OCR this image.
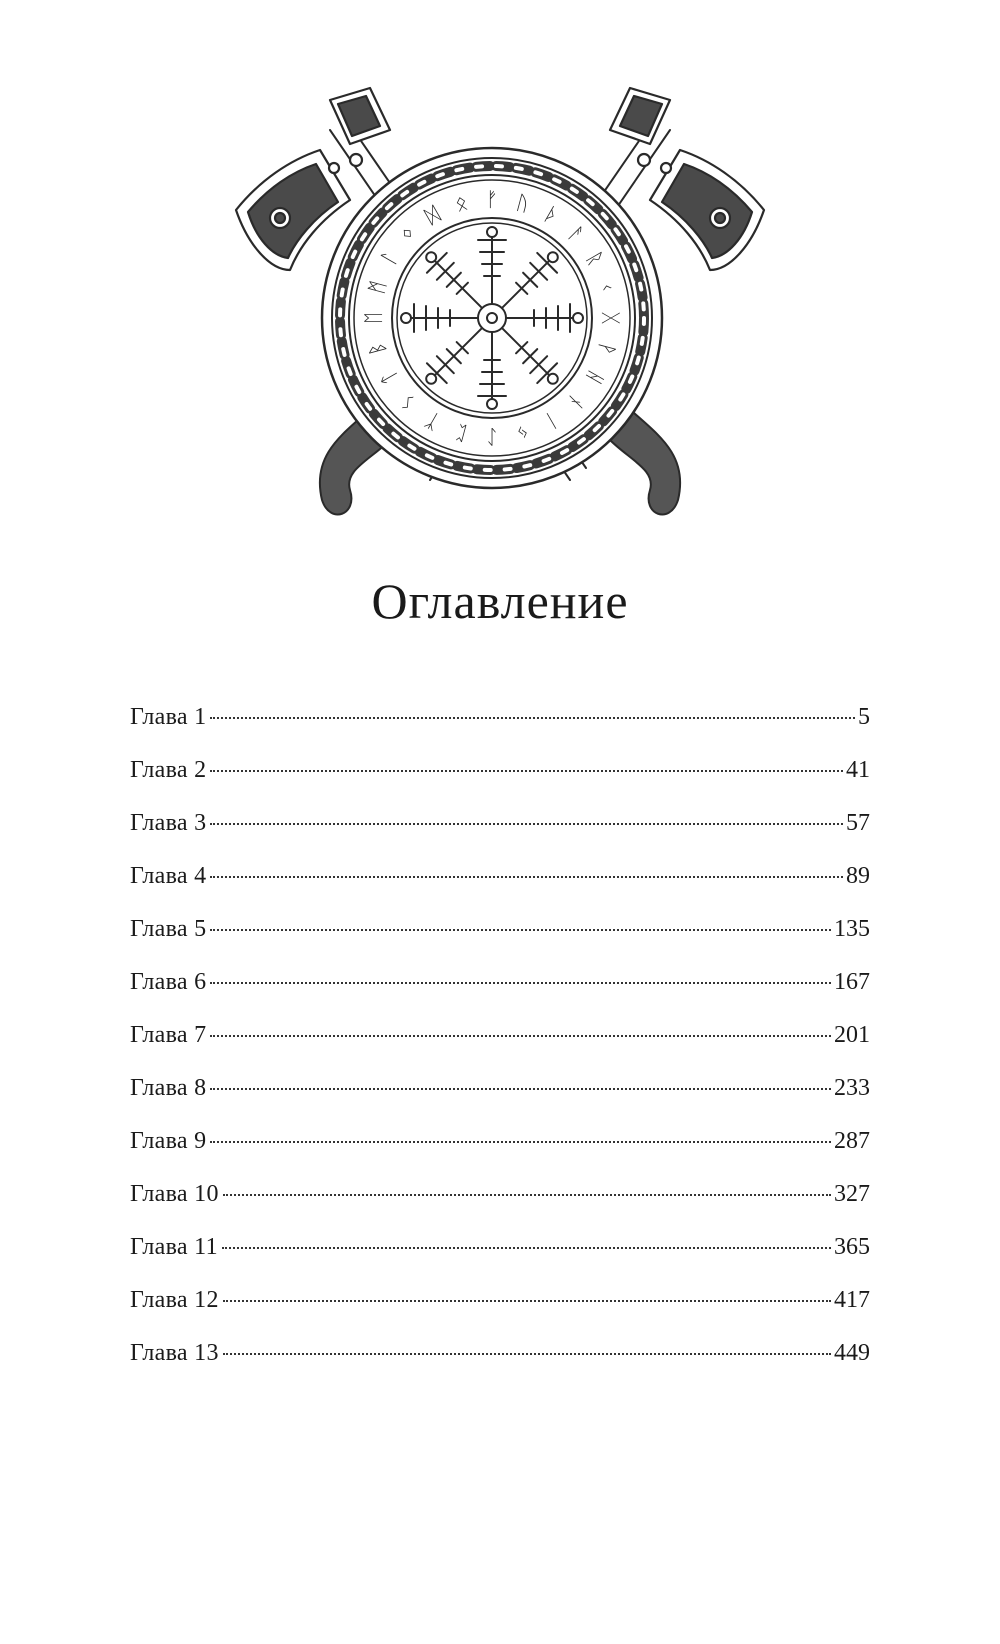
ᚠ ᚢ ᚦ
ᚨ
ᚱ
ᚲ
ᚷ
ᚹ
ᚺ
ᚾ
ᛁ
ᛃ
ᛇ
ᛈ
ᛉ
ᛊ
ᛏ
ᛒ
ᛖ
ᛗ
ᛚ
ᛜ
ᛞ ᛟ
Оглавление
Глава 1	5
Глава 2	41
Глава 3	57
Глава 4	89
Глава 5	135
Глава 6	167
Глава 7	201
Глава 8	233
Глава 9	287
Глава 10	327
Глава 11	365
Глава 12	417
Глава 13	449
